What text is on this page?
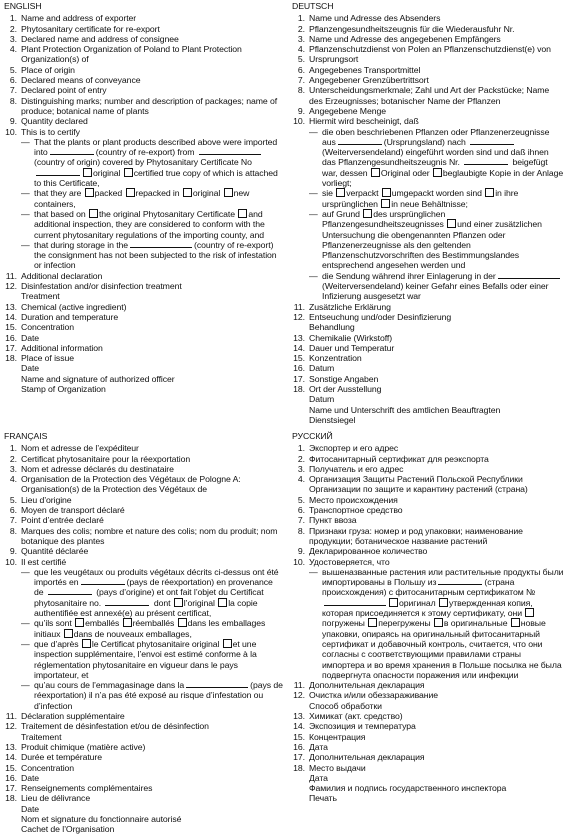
ENGLISH
1. Name and address of exporter
2. Phytosanitary certificate for re-export
3. Declared name and address of consignee
4. Plant Protection Organization of Poland to Plant Protection Organization(s) of
5. Place of origin
6. Declared means of conveyance
7. Declared point of entry
8. Distinguishing marks; number and description of packages; name of produce; botanical name of plants
9. Quantity declared
10. This is to certify
— That the plants or plant products described above were imported into	(country of re-export) from  (country of origin) covered by Phytosanitary Certificate No original certified true copy of which is attached to this Certificate,
— that they are packed repacked in original new containers,
— that based on the original Phytosanitary Certificate and additional inspection, they are considered to conform with the current phytosanitary regulations of the importing county, and
— that during storage in the	(country of re-export) the consignment has not been subjected to the risk of infestation or infection
11. Additional declaration
12. Disinfestation and/or disinfection treatment
Treatment
13. Chemical (active ingredient)
14. Duration and temperature
15. Concentration
16. Date
17. Additional information
18. Place of issue
Date
Name and signature of authorized officer
Stamp of Organization
DEUTSCH
1. Name und Adresse des Absenders
2. Pflanzengesundheitszeugnis für die Wiederausfuhr Nr.
3. Name und Adresse des angegebenen Empfängers
4. Pflanzenschutzdienst von Polen an Pflanzenschutzdienst(e) von
5. Ursprungsort
6. Angegebenes Transportmittel
7. Angegebener Grenzübertrittsort
8. Unterscheidungsmerkmale; Zahl und Art der Packstücke; Name des Erzeugnisses; botanischer Name der Pflanzen
9. Angegebene Menge
10. Hiermit wird bescheinigt, daß
— die oben beschriebenen Pflanzen oder Pflanzenerzeugnisse aus	(Ursprungsland) nach  (Weiterversendeland) eingeführt worden sind und daß ihnen das Pflanzengesundheitszeugnis Nr.	beigefügt war, dessen Original oder beglaubigte Kopie in der Anlage vorliegt;
— sie verpackt umgepackt worden sind in ihre ursprünglichen in neue Behältnisse;
— auf Grund des ursprünglichen Pflanzengesundheitszeugnisses und einer zusätzlichen Untersuchung die obengenannten Pflanzen oder Pflanzenerzeugnisse als den geltenden Pflanzenschutzvorschriften des Bestimmungslandes entsprechend angesehen werden und
— die Sendung während ihrer Einlagerung in der(Weiterversendeland) keiner Gefahr eines Befalls oder einer Infizierung ausgesetzt war
11. Zusätzliche Erklärung
12. Entseuchung und/oder Desinfizierung
Behandlung
13. Chemikalie (Wirkstoff)
14. Dauer und Temperatur
15. Konzentration
16. Datum
17. Sonstige Angaben
18. Ort der Ausstellung
Datum
Name und Unterschrift des amtlichen Beauftragten
Dienstsiegel
FRANÇAIS
1. Nom et adresse de l’expéditeur
2. Certificat phytosanitaire pour la réexportation
3. Nom et adresse déclarés du destinataire
4. Organisation de la Protection des Végétaux de Pologne A: Organisation(s) de la Protection des Végétaux de
5. Lieu d’origine
6. Moyen de transport déclaré
7. Point d’entrée declaré
8. Marques des colis; nombre et nature des colis; nom du produit; nom botanique des plantes
9. Quantité déclarée
10. Il est certifié
— que les veugétaux ou produits végétaux décrits ci-dessus ont été importés en	(pays de réexportation) en provenance de	(pays d’origine) et ont fait l’objet du Certificat phytosanitaire no.	dont l’original la copie authentifiée est annexé(e) au présent certificat,
— qu’ils sont emballés réemballés dans les emballages initiaux dans de nouveaux emballages,
— que d’après le Certificat phytosanitaire original et une inspection supplémentaire, l’envoi est estimé conforme à la réglementation phytosanitaire en vigueur dans le pays importateur, et
— qu’au cours de l’emmagasinage dans la	(pays de réexportation) il n’a pas été exposé au risque d’infestation ou d’infection
11. Déclaration supplémentaire
12. Traitement de désinfestation et/ou de désinfection
Traitement
13. Produit chimique (matière active)
14. Durée et température
15. Concentration
16. Date
17. Renseignements complémentaires
18. Lieu de délivrance
Date
Nom et signature du fonctionnaire autorisé
Cachet de l’Organisation
РУССКИЙ
1. Экспортер и его адрес
2. Фитосанитарный сертификат для реэкспорта
3. Получатель и его адрес
4. Организация Защиты Растений Польской Республики Организации по защите и карантину растений (страна)
5. Место происхождения
6. Транспортное средство
7. Пункт ввоза
8. Признаки груза: номер и род упаковки; наименование продукции; ботаническое название растений
9. Декларированное количество
10. Удостоверяется, что
— вышеназванные растения или растительные продукты были импортированы в Польшу из	(страна происхождения) с фитосанитарным сертификатом №оригинал утвержденная копия, которая присоединяется к этому сертификату, они погружены перегружены в оригинальные новые упаковки, опираясь на оригинальный фитосанитарный сертификат и добавочный контроль, считается, что они согласны с соответствующими правилами страны импортера и во время хранения в Польше посылка не была подвергнута опасности поражения или инфекции
11. Дополнительная декларация
12. Очистка и/или обеззараживание
Способ обработки
13. Химикат (акт. средство)
14. Экспозиция и температура
15. Концентрация
16. Дата
17. Дополнительная декларация
18. Место выдачи
Дата
Фамилия и подпись государственного инспектора
Печать
